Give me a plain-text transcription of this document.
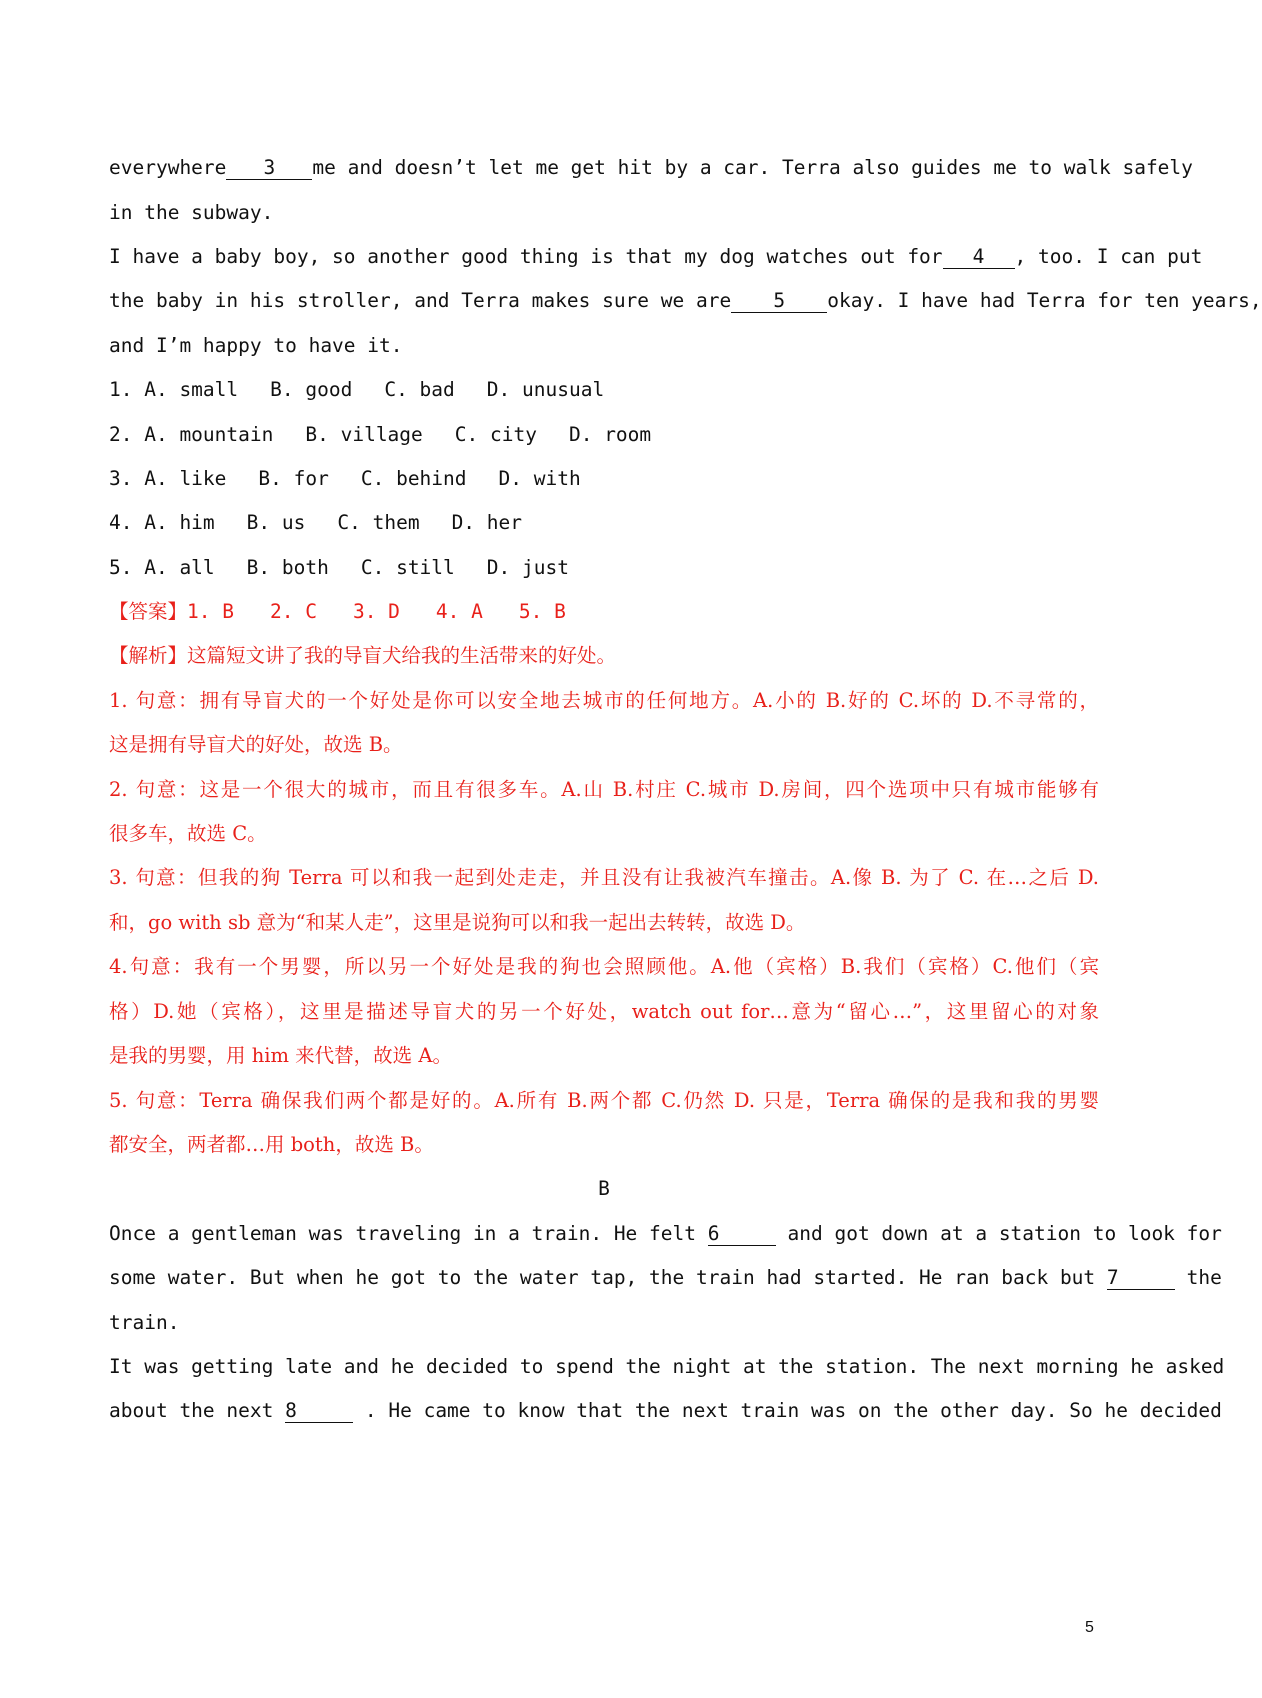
everywhere 3 me and doesn’t let me get hit by a car. Terra also guides me to walk safely
in the subway.
I have a baby boy, so another good thing is that my dog watches out for 4 , too. I can put
the baby in his stroller, and Terra makes sure we are 5 okay. I have had Terra for ten years,
and I’m happy to have it.
1. A. small B. good C. bad D. unusual
2. A. mountain B. village C. city D. room
3. A. like B. for C. behind D. with
4. A. him B. us C. them D. her
5. A. all B. both C. still D. just
【答案】1. B 2. C 3. D 4. A 5. B
【解析】这篇短文讲了我的导盲犬给我的生活带来的好处。
1. 句意：拥有导盲犬的一个好处是你可以安全地去城市的任何地方。A.小的 B.好的 C.坏的 D.不寻常的，
这是拥有导盲犬的好处，故选 B。
2. 句意：这是一个很大的城市，而且有很多车。A.山 B.村庄 C.城市 D.房间，四个选项中只有城市能够有
很多车，故选 C。
3. 句意：但我的狗 Terra 可以和我一起到处走走，并且没有让我被汽车撞击。A.像 B. 为了 C. 在…之后 D.
和，go with sb 意为“和某人走”，这里是说狗可以和我一起出去转转，故选 D。
4.句意：我有一个男婴，所以另一个好处是我的狗也会照顾他。A.他（宾格）B.我们（宾格）C.他们（宾
格）D.她（宾格），这里是描述导盲犬的另一个好处，watch out for…意为“留心…”，这里留心的对象
是我的男婴，用 him 来代替，故选 A。
5. 句意：Terra 确保我们两个都是好的。A.所有 B.两个都 C.仍然 D. 只是，Terra 确保的是我和我的男婴
都安全，两者都…用 both，故选 B。
B
Once a gentleman was traveling in a train. He felt 6	and got down at a station to look for
some water. But when he got to the water tap, the train had started. He ran back but 7	the
train.
It was getting late and he decided to spend the night at the station. The next morning he asked
about the next 8	. He came to know that the next train was on the other day. So he decided
5
